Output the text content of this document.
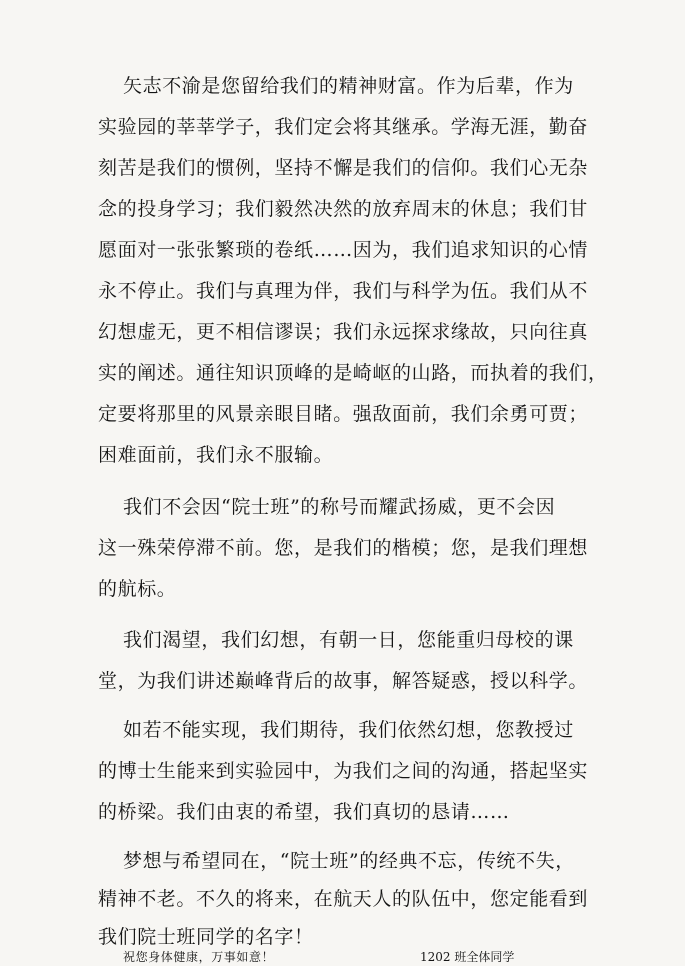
矢志不渝是您留给我们的精神财富。作为后辈，作为
实验园的莘莘学子，我们定会将其继承。学海无涯，勤奋
刻苦是我们的惯例，坚持不懈是我们的信仰。我们心无杂
念的投身学习；我们毅然决然的放弃周末的休息；我们甘
愿面对一张张繁琐的卷纸……因为，我们追求知识的心情
永不停止。我们与真理为伴，我们与科学为伍。我们从不
幻想虚无，更不相信谬误；我们永远探求缘故，只向往真
实的阐述。通往知识顶峰的是崎岖的山路，而执着的我们，
定要将那里的风景亲眼目睹。强敌面前，我们余勇可贾；
困难面前，我们永不服输。
我们不会因“院士班”的称号而耀武扬威，更不会因
这一殊荣停滞不前。您，是我们的楷模；您，是我们理想
的航标。
我们渴望，我们幻想，有朝一日，您能重归母校的课
堂，为我们讲述巅峰背后的故事，解答疑惑，授以科学。
如若不能实现，我们期待，我们依然幻想，您教授过
的博士生能来到实验园中，为我们之间的沟通，搭起坚实
的桥梁。我们由衷的希望，我们真切的恳请……
梦想与希望同在，“院士班”的经典不忘，传统不失，
精神不老。不久的将来，在航天人的队伍中，您定能看到
我们院士班同学的名字！
祝您身体健康，万事如意！	1202 班全体同学
